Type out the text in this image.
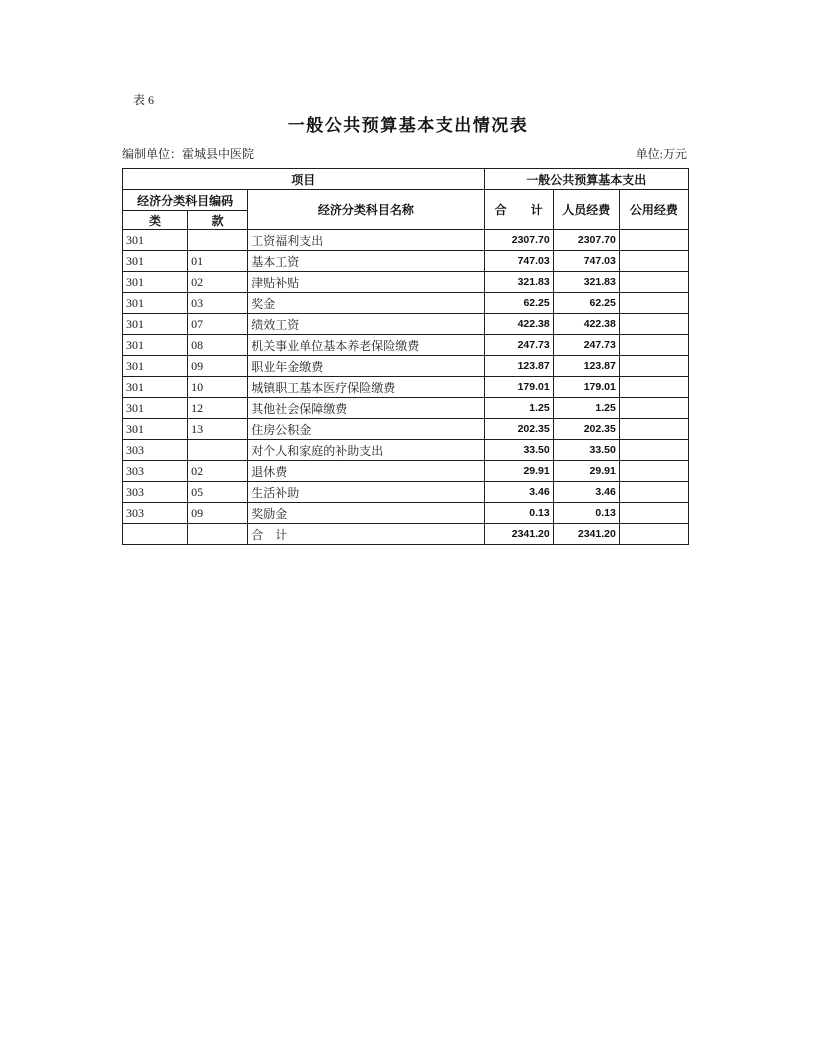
表 6
一般公共预算基本支出情况表
编制单位：霍城县中医院	单位:万元
项目			一般公共预算基本支出		
经济分类科目编码		经济分类科目名称	合　　计	人员经费	公用经费
类	款				
301		工资福利支出	2307.70	2307.70	
301	01	基本工资	747.03	747.03	
301	02	津贴补贴	321.83	321.83	
301	03	奖金	62.25	62.25	
301	07	绩效工资	422.38	422.38	
301	08	机关事业单位基本养老保险缴费	247.73	247.73	
301	09	职业年金缴费	123.87	123.87	
301	10	城镇职工基本医疗保险缴费	179.01	179.01	
301	12	其他社会保障缴费	1.25	1.25	
301	13	住房公积金	202.35	202.35	
303		对个人和家庭的补助支出	33.50	33.50	
303	02	退休费	29.91	29.91	
303	05	生活补助	3.46	3.46	
303	09	奖励金	0.13	0.13	
		合　计	2341.20	2341.20	
